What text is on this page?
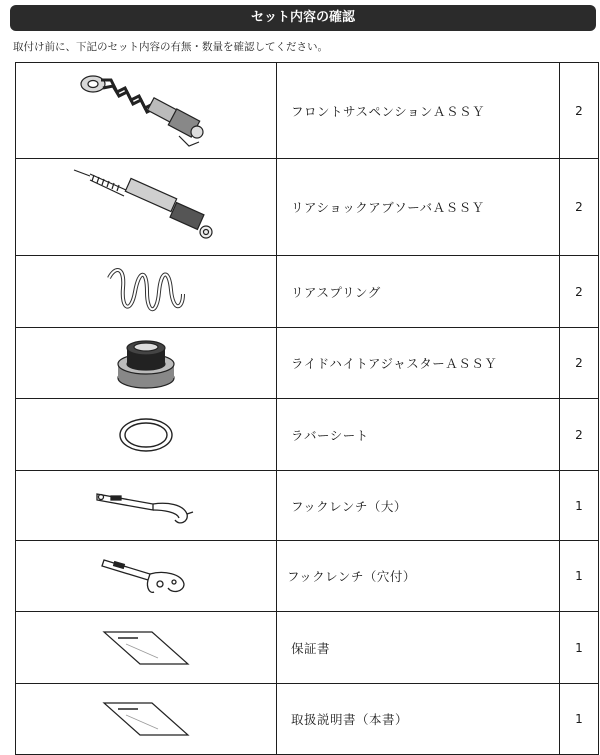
セット内容の確認
取付け前に、下記のセット内容の有無・数量を確認してください。
	フロントサスペンションＡＳＳＹ	2

	リアショックアブソーバＡＳＳＹ	2

	リアスプリング	2

	ライドハイトアジャスターＡＳＳＹ	2

	ラバーシート	2

	フックレンチ（大）	1

	フックレンチ（穴付）	1

	保証書	1

	取扱説明書（本書）	1
